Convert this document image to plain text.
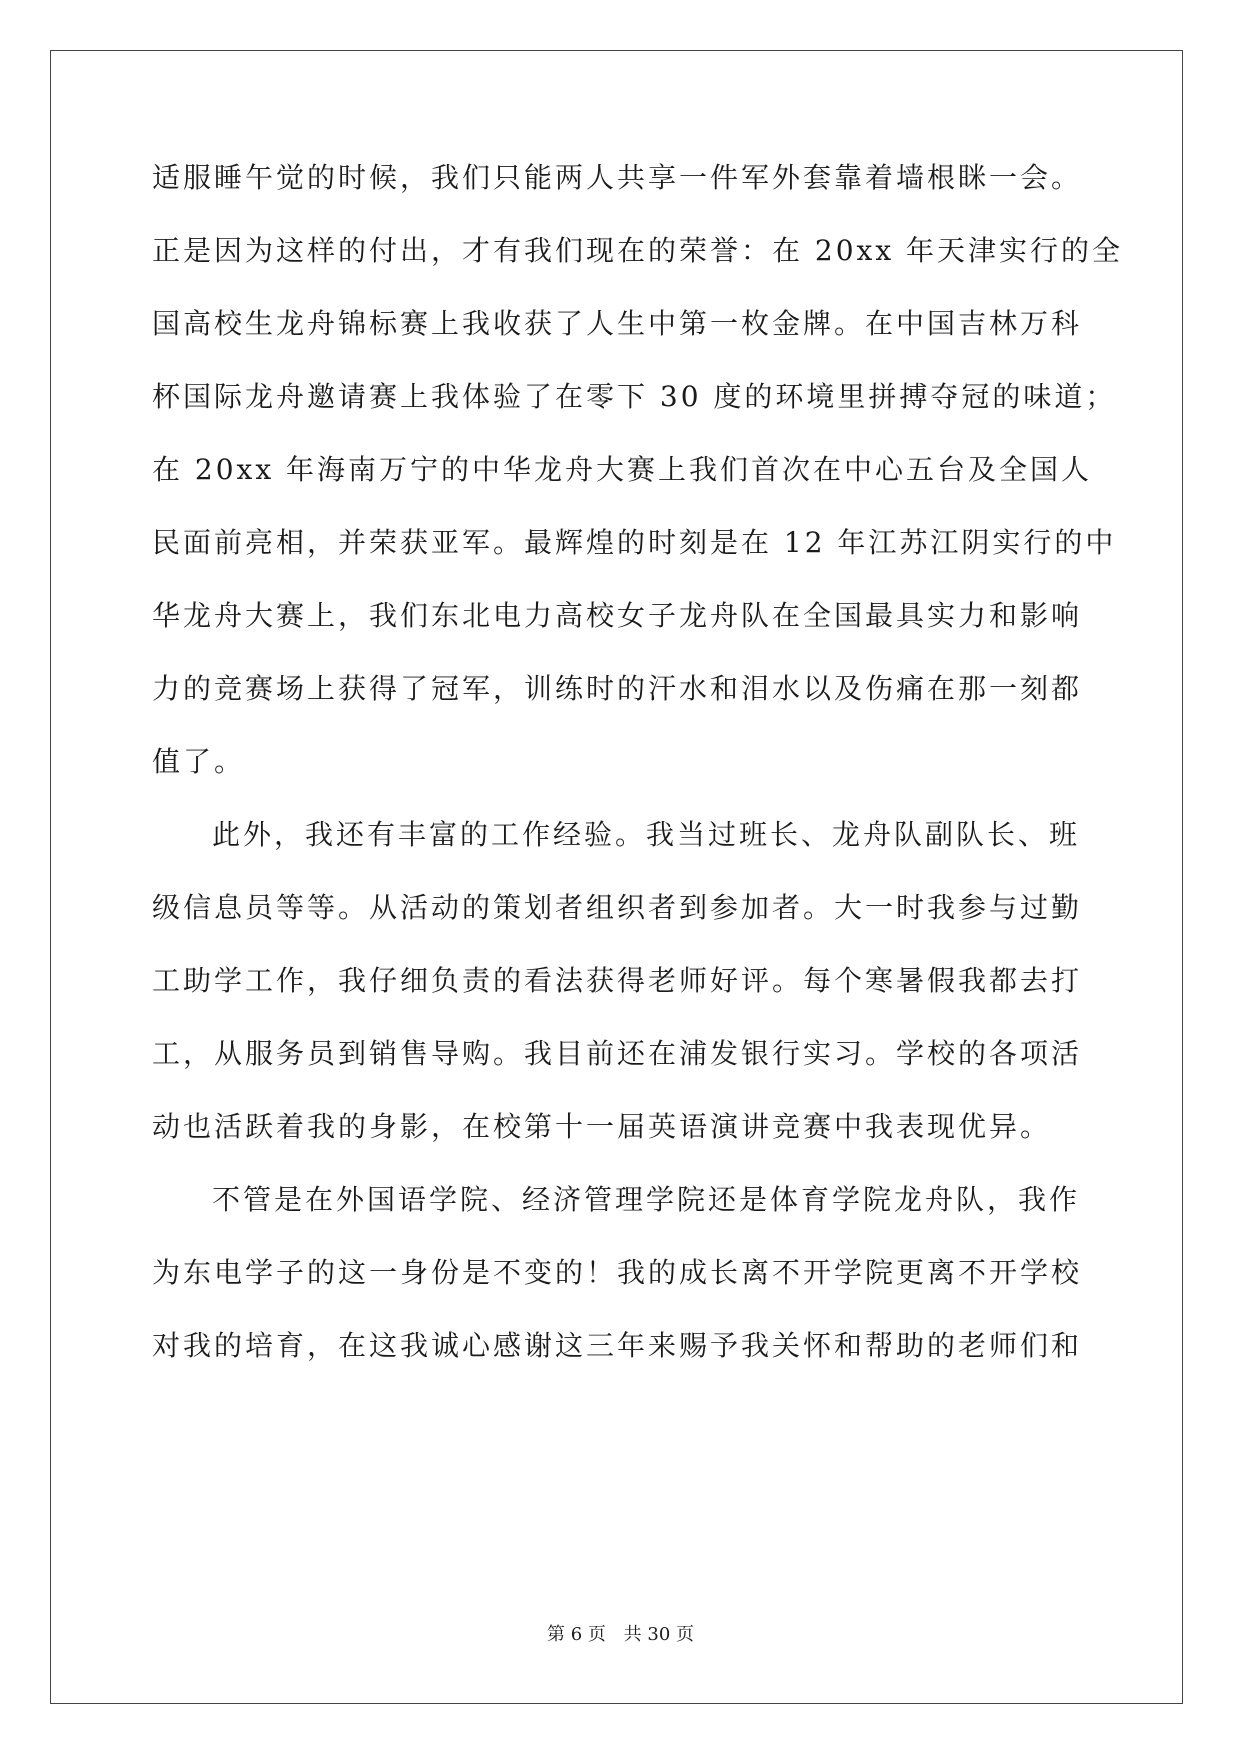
适服睡午觉的时候，我们只能两人共享一件军外套靠着墙根眯一会。
正是因为这样的付出，才有我们现在的荣誉：在 20xx 年天津实行的全
国高校生龙舟锦标赛上我收获了人生中第一枚金牌。在中国吉林万科
杯国际龙舟邀请赛上我体验了在零下 30 度的环境里拼搏夺冠的味道；
在 20xx 年海南万宁的中华龙舟大赛上我们首次在中心五台及全国人
民面前亮相，并荣获亚军。最辉煌的时刻是在 12 年江苏江阴实行的中
华龙舟大赛上，我们东北电力高校女子龙舟队在全国最具实力和影响
力的竞赛场上获得了冠军，训练时的汗水和泪水以及伤痛在那一刻都
值了。
此外，我还有丰富的工作经验。我当过班长、龙舟队副队长、班
级信息员等等。从活动的策划者组织者到参加者。大一时我参与过勤
工助学工作，我仔细负责的看法获得老师好评。每个寒暑假我都去打
工，从服务员到销售导购。我目前还在浦发银行实习。学校的各项活
动也活跃着我的身影，在校第十一届英语演讲竞赛中我表现优异。
不管是在外国语学院、经济管理学院还是体育学院龙舟队，我作
为东电学子的这一身份是不变的！我的成长离不开学院更离不开学校
对我的培育，在这我诚心感谢这三年来赐予我关怀和帮助的老师们和
第 6 页 共 30 页
